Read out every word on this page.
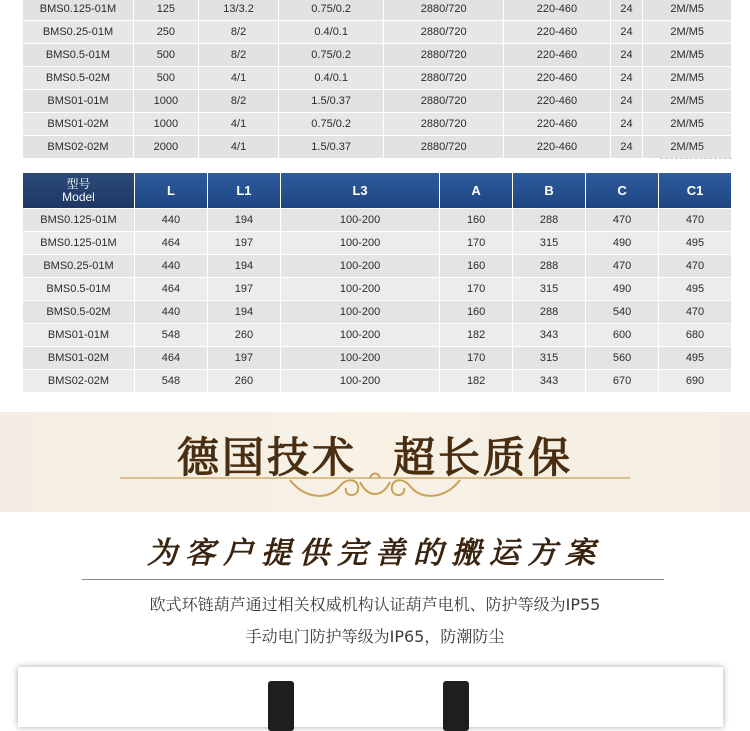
BMS0.125-01M	125	13/3.2	0.75/0.2	2880/720	220-460	24	2M/M5
BMS0.25-01M	250	8/2	0.4/0.1	2880/720	220-460	24	2M/M5
BMS0.5-01M	500	8/2	0.75/0.2	2880/720	220-460	24	2M/M5
BMS0.5-02M	500	4/1	0.4/0.1	2880/720	220-460	24	2M/M5
BMS01-01M	1000	8/2	1.5/0.37	2880/720	220-460	24	2M/M5
BMS01-02M	1000	4/1	0.75/0.2	2880/720	220-460	24	2M/M5
BMS02-02M	2000	4/1	1.5/0.37	2880/720	220-460	24	2M/M5
型号
Model	L	L1	L3	A	B	C	C1
BMS0.125-01M	440	194	100-200	160	288	470	470
BMS0.125-01M	464	197	100-200	170	315	490	495
BMS0.25-01M	440	194	100-200	160	288	470	470
BMS0.5-01M	464	197	100-200	170	315	490	495
BMS0.5-02M	440	194	100-200	160	288	540	470
BMS01-01M	548	260	100-200	182	343	600	680
BMS01-02M	464	197	100-200	170	315	560	495
BMS02-02M	548	260	100-200	182	343	670	690
德国技术 超长质保
为客户提供完善的搬运方案
欧式环链葫芦通过相关权威机构认证葫芦电机、防护等级为IP55
手动电门防护等级为IP65，防潮防尘
